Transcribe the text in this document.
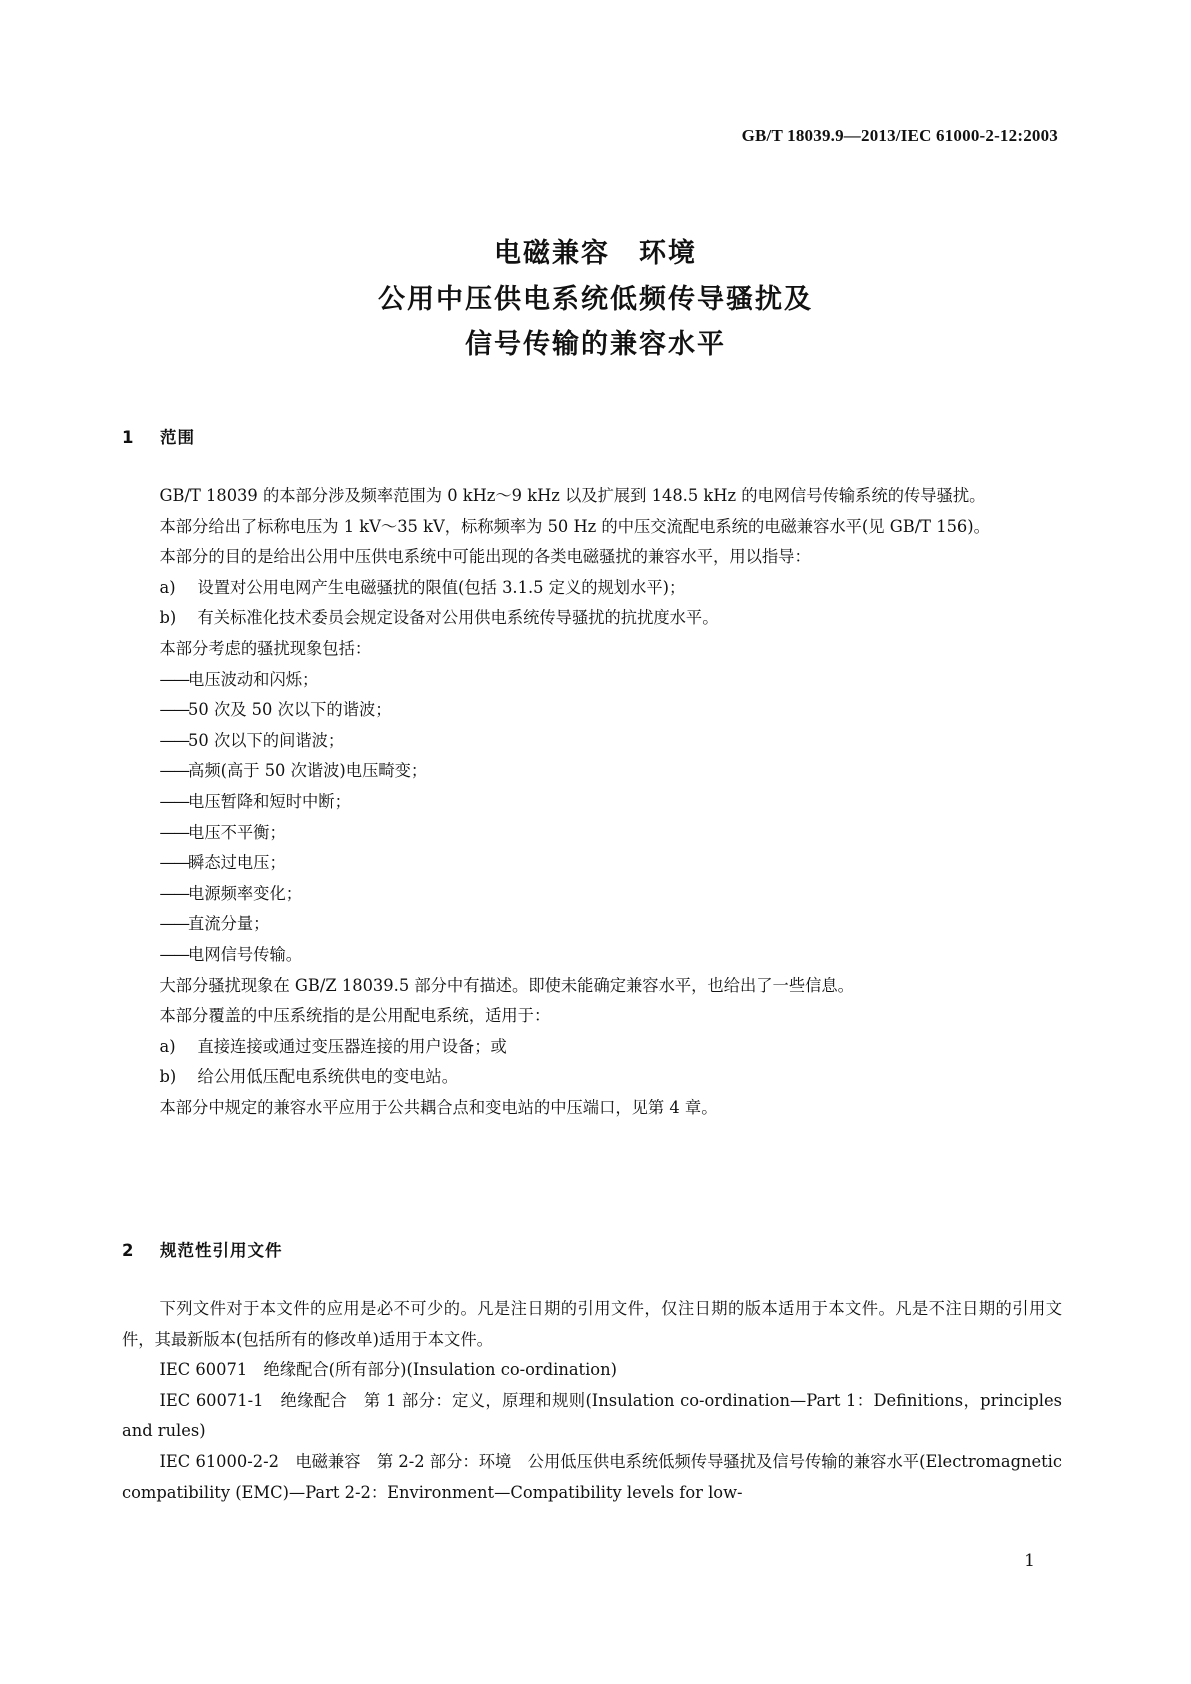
GB/T 18039.9—2013/IEC 61000-2-12:2003
电磁兼容　环境
公用中压供电系统低频传导骚扰及
信号传输的兼容水平
1 范围

GB/T 18039 的本部分涉及频率范围为 0 kHz～9 kHz 以及扩展到 148.5 kHz 的电网信号传输系统的传导骚扰。

本部分给出了标称电压为 1 kV～35 kV，标称频率为 50 Hz 的中压交流配电系统的电磁兼容水平(见 GB/T 156)。

本部分的目的是给出公用中压供电系统中可能出现的各类电磁骚扰的兼容水平，用以指导：

a) 设置对公用电网产生电磁骚扰的限值(包括 3.1.5 定义的规划水平)；

b) 有关标准化技术委员会规定设备对公用供电系统传导骚扰的抗扰度水平。

本部分考虑的骚扰现象包括：

——电压波动和闪烁；

——50 次及 50 次以下的谐波；

——50 次以下的间谐波；

——高频(高于 50 次谐波)电压畸变；

——电压暂降和短时中断；

——电压不平衡；

——瞬态过电压；

——电源频率变化；

——直流分量；

——电网信号传输。

大部分骚扰现象在 GB/Z 18039.5 部分中有描述。即使未能确定兼容水平，也给出了一些信息。

本部分覆盖的中压系统指的是公用配电系统，适用于：

a) 直接连接或通过变压器连接的用户设备；或

b) 给公用低压配电系统供电的变电站。

本部分中规定的兼容水平应用于公共耦合点和变电站的中压端口，见第 4 章。

2 规范性引用文件

下列文件对于本文件的应用是必不可少的。凡是注日期的引用文件，仅注日期的版本适用于本文件。凡是不注日期的引用文件，其最新版本(包括所有的修改单)适用于本文件。

IEC 60071　绝缘配合(所有部分)(Insulation co-ordination)

IEC 60071-1　绝缘配合　第 1 部分：定义，原理和规则(Insulation co-ordination—Part 1：Definitions，principles and rules)

IEC 61000-2-2　电磁兼容　第 2-2 部分：环境　公用低压供电系统低频传导骚扰及信号传输的兼容水平(Electromagnetic compatibility (EMC)—Part 2-2：Environment—Compatibility levels for low-

1
